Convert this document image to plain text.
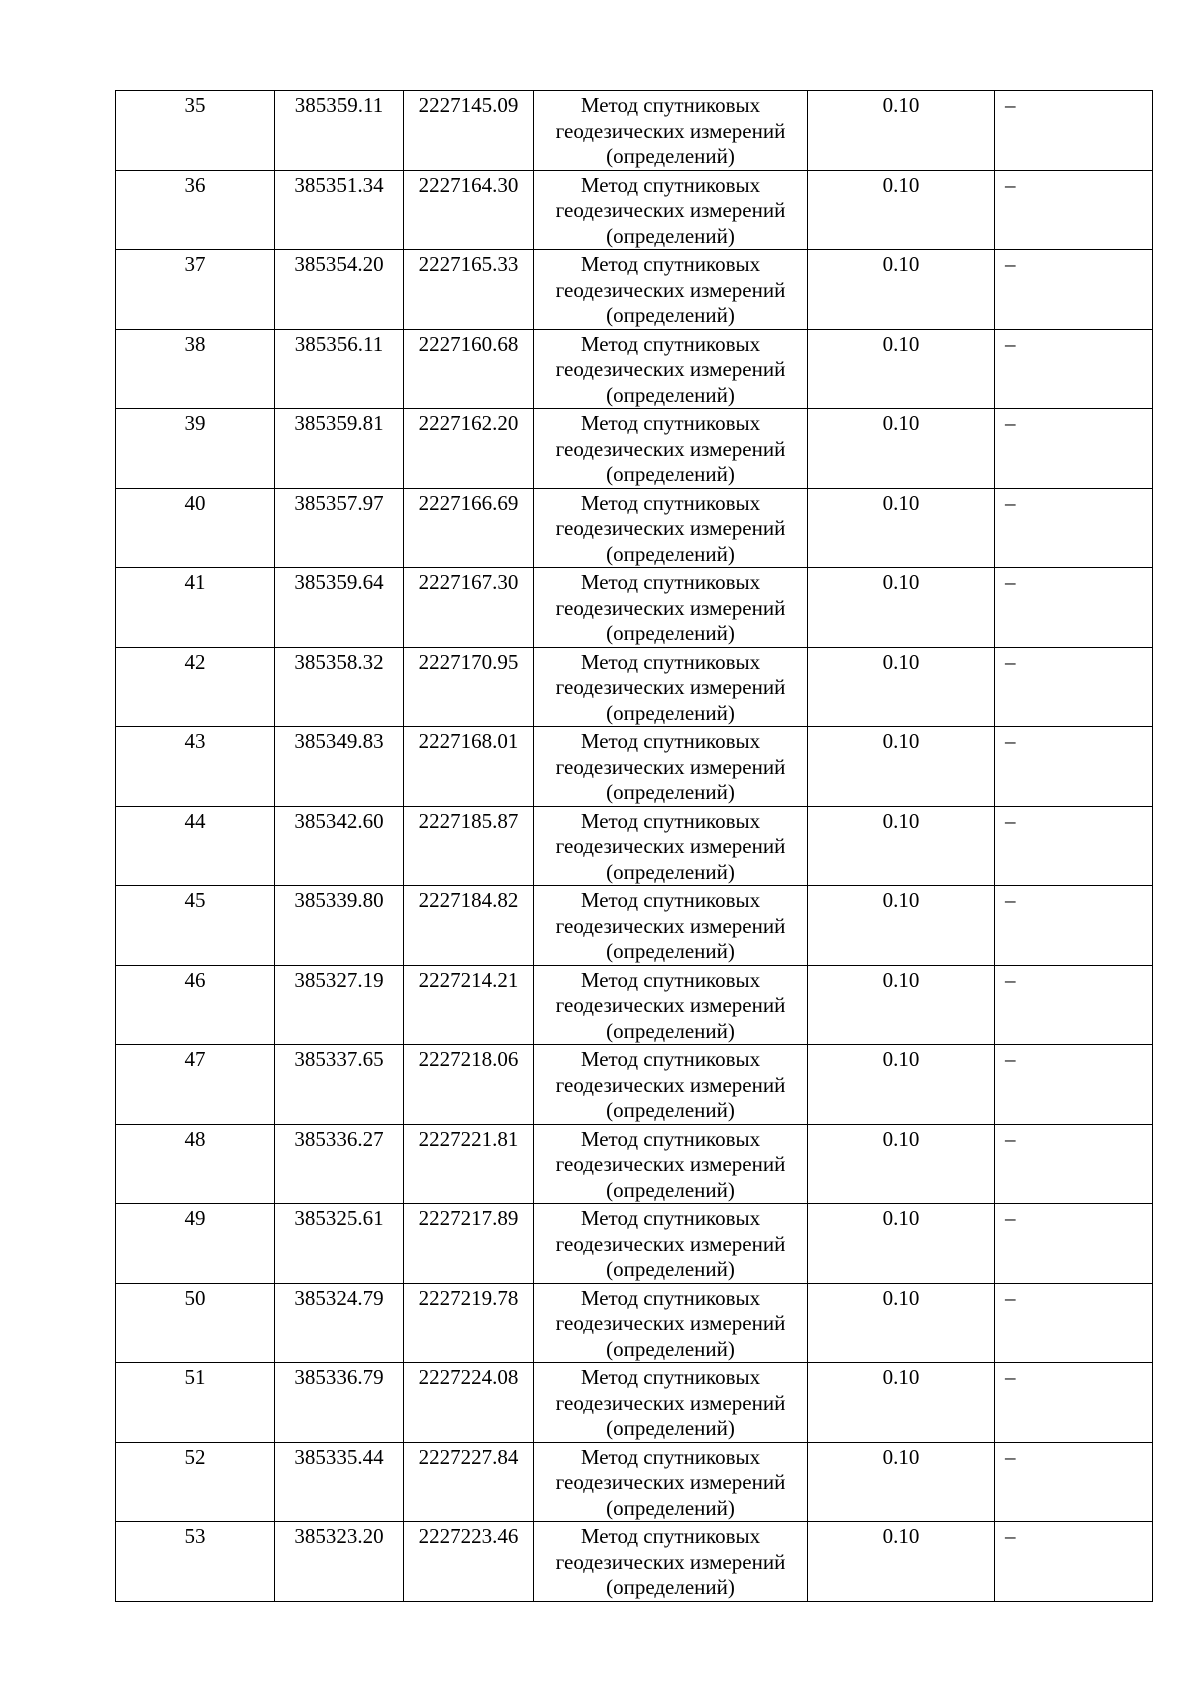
35	385359.11	2227145.09	Метод спутниковых
геодезических измерений
(определений)	0.10	–

36	385351.34	2227164.30	Метод спутниковых
геодезических измерений
(определений)	0.10	–

37	385354.20	2227165.33	Метод спутниковых
геодезических измерений
(определений)	0.10	–

38	385356.11	2227160.68	Метод спутниковых
геодезических измерений
(определений)	0.10	–

39	385359.81	2227162.20	Метод спутниковых
геодезических измерений
(определений)	0.10	–

40	385357.97	2227166.69	Метод спутниковых
геодезических измерений
(определений)	0.10	–

41	385359.64	2227167.30	Метод спутниковых
геодезических измерений
(определений)	0.10	–

42	385358.32	2227170.95	Метод спутниковых
геодезических измерений
(определений)	0.10	–

43	385349.83	2227168.01	Метод спутниковых
геодезических измерений
(определений)	0.10	–

44	385342.60	2227185.87	Метод спутниковых
геодезических измерений
(определений)	0.10	–

45	385339.80	2227184.82	Метод спутниковых
геодезических измерений
(определений)	0.10	–

46	385327.19	2227214.21	Метод спутниковых
геодезических измерений
(определений)	0.10	–

47	385337.65	2227218.06	Метод спутниковых
геодезических измерений
(определений)	0.10	–

48	385336.27	2227221.81	Метод спутниковых
геодезических измерений
(определений)	0.10	–

49	385325.61	2227217.89	Метод спутниковых
геодезических измерений
(определений)	0.10	–

50	385324.79	2227219.78	Метод спутниковых
геодезических измерений
(определений)	0.10	–

51	385336.79	2227224.08	Метод спутниковых
геодезических измерений
(определений)	0.10	–

52	385335.44	2227227.84	Метод спутниковых
геодезических измерений
(определений)	0.10	–

53	385323.20	2227223.46	Метод спутниковых
геодезических измерений
(определений)	0.10	–
